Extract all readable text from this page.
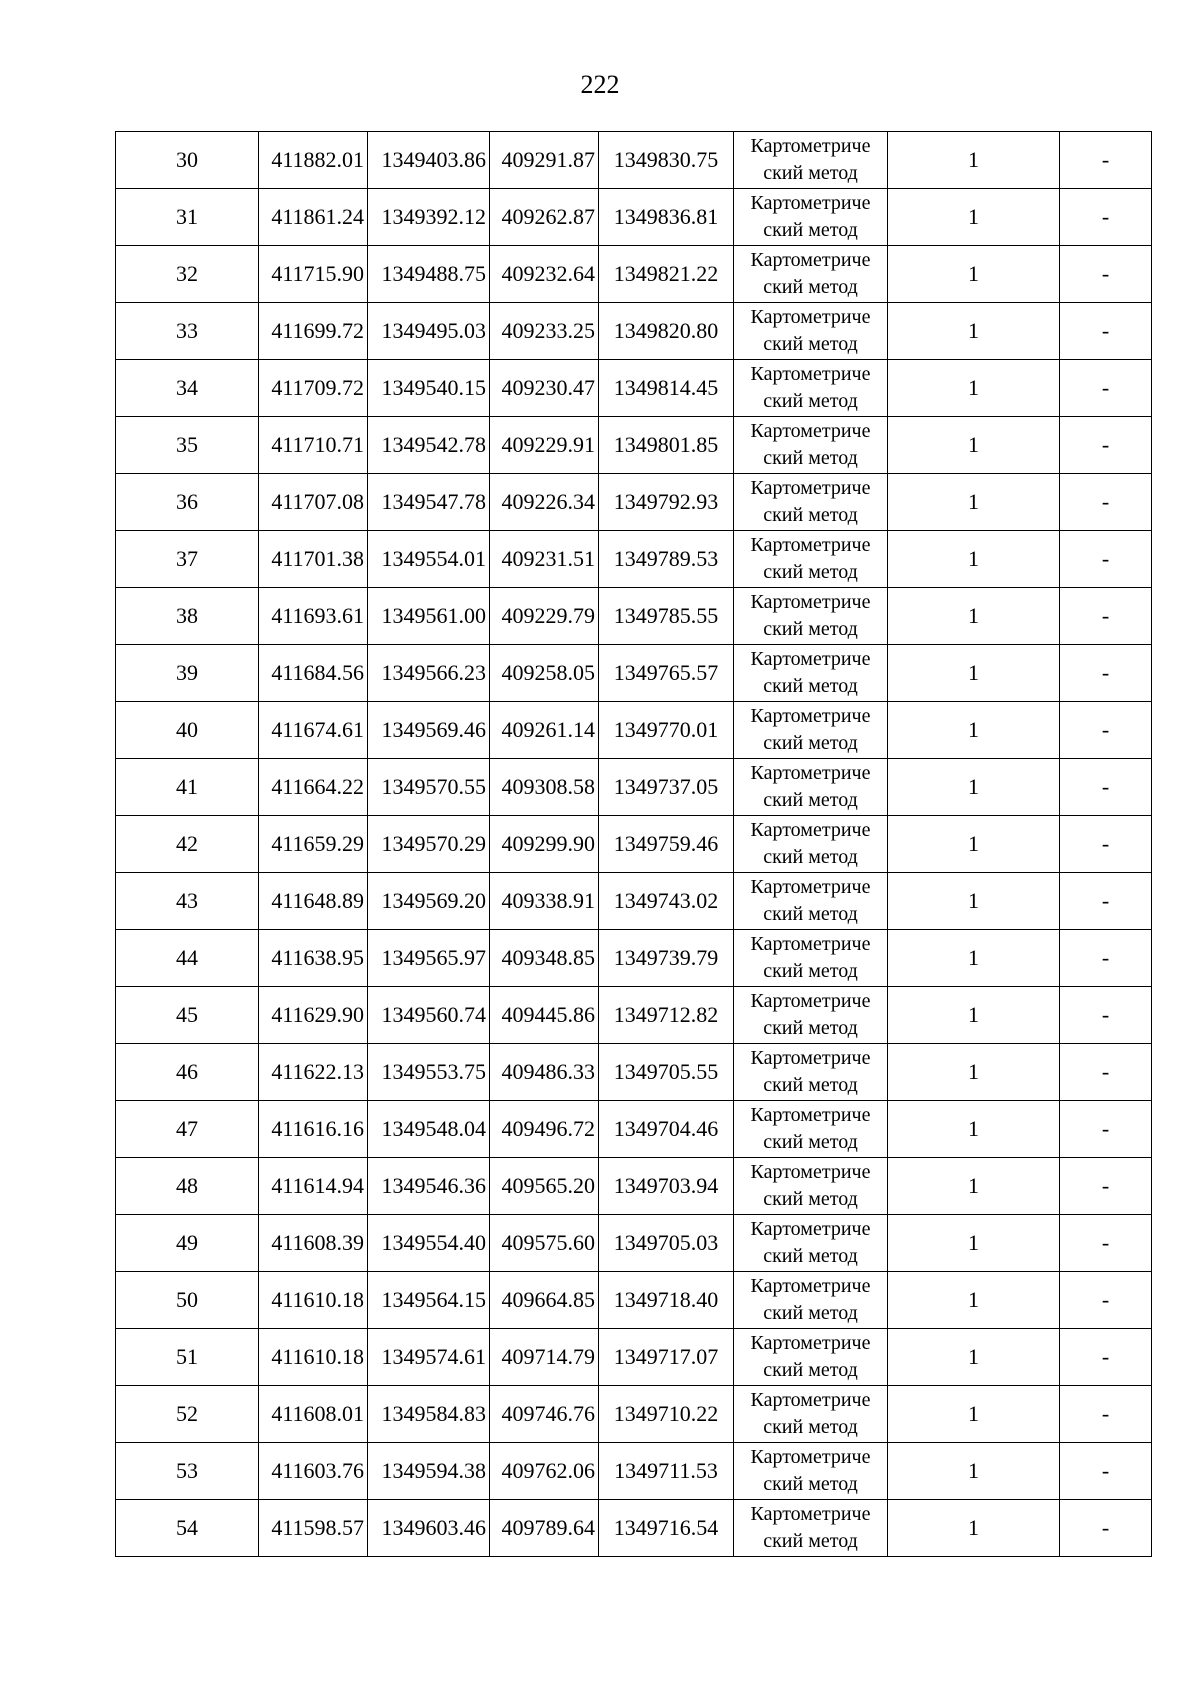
222
30	411882.01	1349403.86	409291.87	1349830.75	Картометриче
ский метод	1	-
31	411861.24	1349392.12	409262.87	1349836.81	Картометриче
ский метод	1	-
32	411715.90	1349488.75	409232.64	1349821.22	Картометриче
ский метод	1	-
33	411699.72	1349495.03	409233.25	1349820.80	Картометриче
ский метод	1	-
34	411709.72	1349540.15	409230.47	1349814.45	Картометриче
ский метод	1	-
35	411710.71	1349542.78	409229.91	1349801.85	Картометриче
ский метод	1	-
36	411707.08	1349547.78	409226.34	1349792.93	Картометриче
ский метод	1	-
37	411701.38	1349554.01	409231.51	1349789.53	Картометриче
ский метод	1	-
38	411693.61	1349561.00	409229.79	1349785.55	Картометриче
ский метод	1	-
39	411684.56	1349566.23	409258.05	1349765.57	Картометриче
ский метод	1	-
40	411674.61	1349569.46	409261.14	1349770.01	Картометриче
ский метод	1	-
41	411664.22	1349570.55	409308.58	1349737.05	Картометриче
ский метод	1	-
42	411659.29	1349570.29	409299.90	1349759.46	Картометриче
ский метод	1	-
43	411648.89	1349569.20	409338.91	1349743.02	Картометриче
ский метод	1	-
44	411638.95	1349565.97	409348.85	1349739.79	Картометриче
ский метод	1	-
45	411629.90	1349560.74	409445.86	1349712.82	Картометриче
ский метод	1	-
46	411622.13	1349553.75	409486.33	1349705.55	Картометриче
ский метод	1	-
47	411616.16	1349548.04	409496.72	1349704.46	Картометриче
ский метод	1	-
48	411614.94	1349546.36	409565.20	1349703.94	Картометриче
ский метод	1	-
49	411608.39	1349554.40	409575.60	1349705.03	Картометриче
ский метод	1	-
50	411610.18	1349564.15	409664.85	1349718.40	Картометриче
ский метод	1	-
51	411610.18	1349574.61	409714.79	1349717.07	Картометриче
ский метод	1	-
52	411608.01	1349584.83	409746.76	1349710.22	Картометриче
ский метод	1	-
53	411603.76	1349594.38	409762.06	1349711.53	Картометриче
ский метод	1	-
54	411598.57	1349603.46	409789.64	1349716.54	Картометриче
ский метод	1	-
